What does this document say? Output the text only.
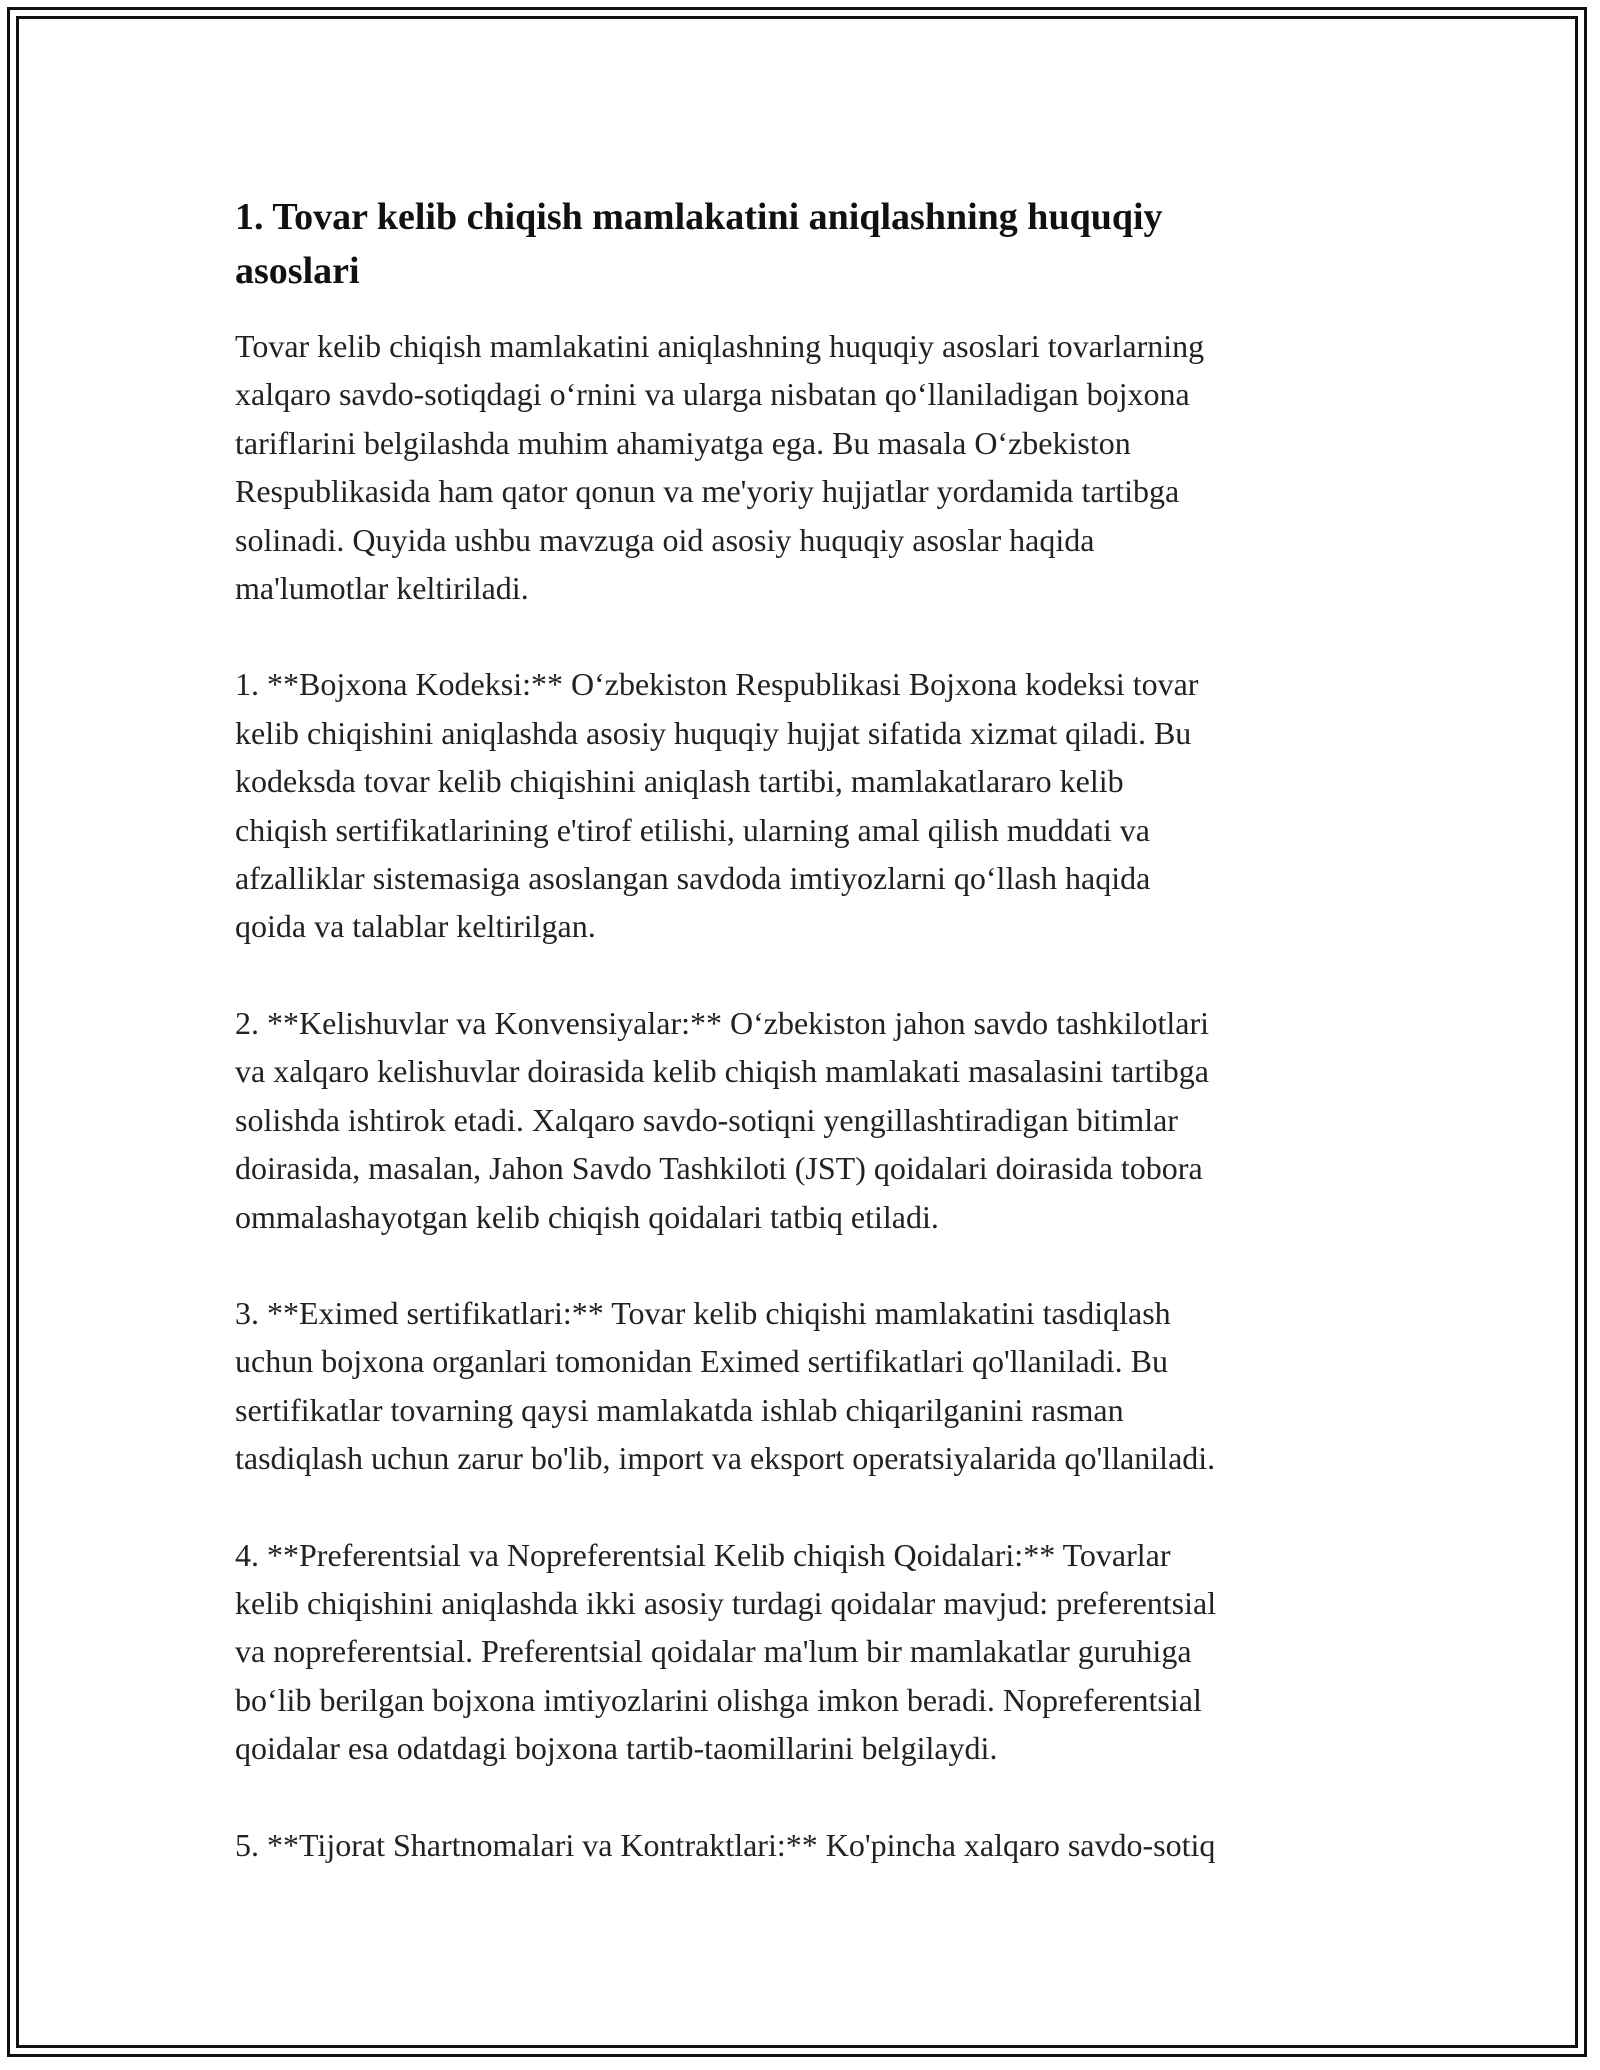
1. Tovar kelib chiqish mamlakatini aniqlashning huquqiy
asoslari

Tovar kelib chiqish mamlakatini aniqlashning huquqiy asoslari tovarlarning
xalqaro savdo-sotiqdagi o‘rnini va ularga nisbatan qo‘llaniladigan bojxona
tariflarini belgilashda muhim ahamiyatga ega. Bu masala O‘zbekiston
Respublikasida ham qator qonun va me'yoriy hujjatlar yordamida tartibga
solinadi. Quyida ushbu mavzuga oid asosiy huquqiy asoslar haqida
ma'lumotlar keltiriladi.

1. **Bojxona Kodeksi:** O‘zbekiston Respublikasi Bojxona kodeksi tovar
kelib chiqishini aniqlashda asosiy huquqiy hujjat sifatida xizmat qiladi. Bu
kodeksda tovar kelib chiqishini aniqlash tartibi, mamlakatlararo kelib
chiqish sertifikatlarining e'tirof etilishi, ularning amal qilish muddati va
afzalliklar sistemasiga asoslangan savdoda imtiyozlarni qo‘llash haqida
qoida va talablar keltirilgan.

2. **Kelishuvlar va Konvensiyalar:** O‘zbekiston jahon savdo tashkilotlari
va xalqaro kelishuvlar doirasida kelib chiqish mamlakati masalasini tartibga
solishda ishtirok etadi. Xalqaro savdo-sotiqni yengillashtiradigan bitimlar
doirasida, masalan, Jahon Savdo Tashkiloti (JST) qoidalari doirasida tobora
ommalashayotgan kelib chiqish qoidalari tatbiq etiladi.

3. **Eximed sertifikatlari:** Tovar kelib chiqishi mamlakatini tasdiqlash
uchun bojxona organlari tomonidan Eximed sertifikatlari qo'llaniladi. Bu
sertifikatlar tovarning qaysi mamlakatda ishlab chiqarilganini rasman
tasdiqlash uchun zarur bo'lib, import va eksport operatsiyalarida qo'llaniladi.

4. **Preferentsial va Nopreferentsial Kelib chiqish Qoidalari:** Tovarlar
kelib chiqishini aniqlashda ikki asosiy turdagi qoidalar mavjud: preferentsial
va nopreferentsial. Preferentsial qoidalar ma'lum bir mamlakatlar guruhiga
bo‘lib berilgan bojxona imtiyozlarini olishga imkon beradi. Nopreferentsial
qoidalar esa odatdagi bojxona tartib-taomillarini belgilaydi.

5. **Tijorat Shartnomalari va Kontraktlari:** Ko'pincha xalqaro savdo-sotiq
